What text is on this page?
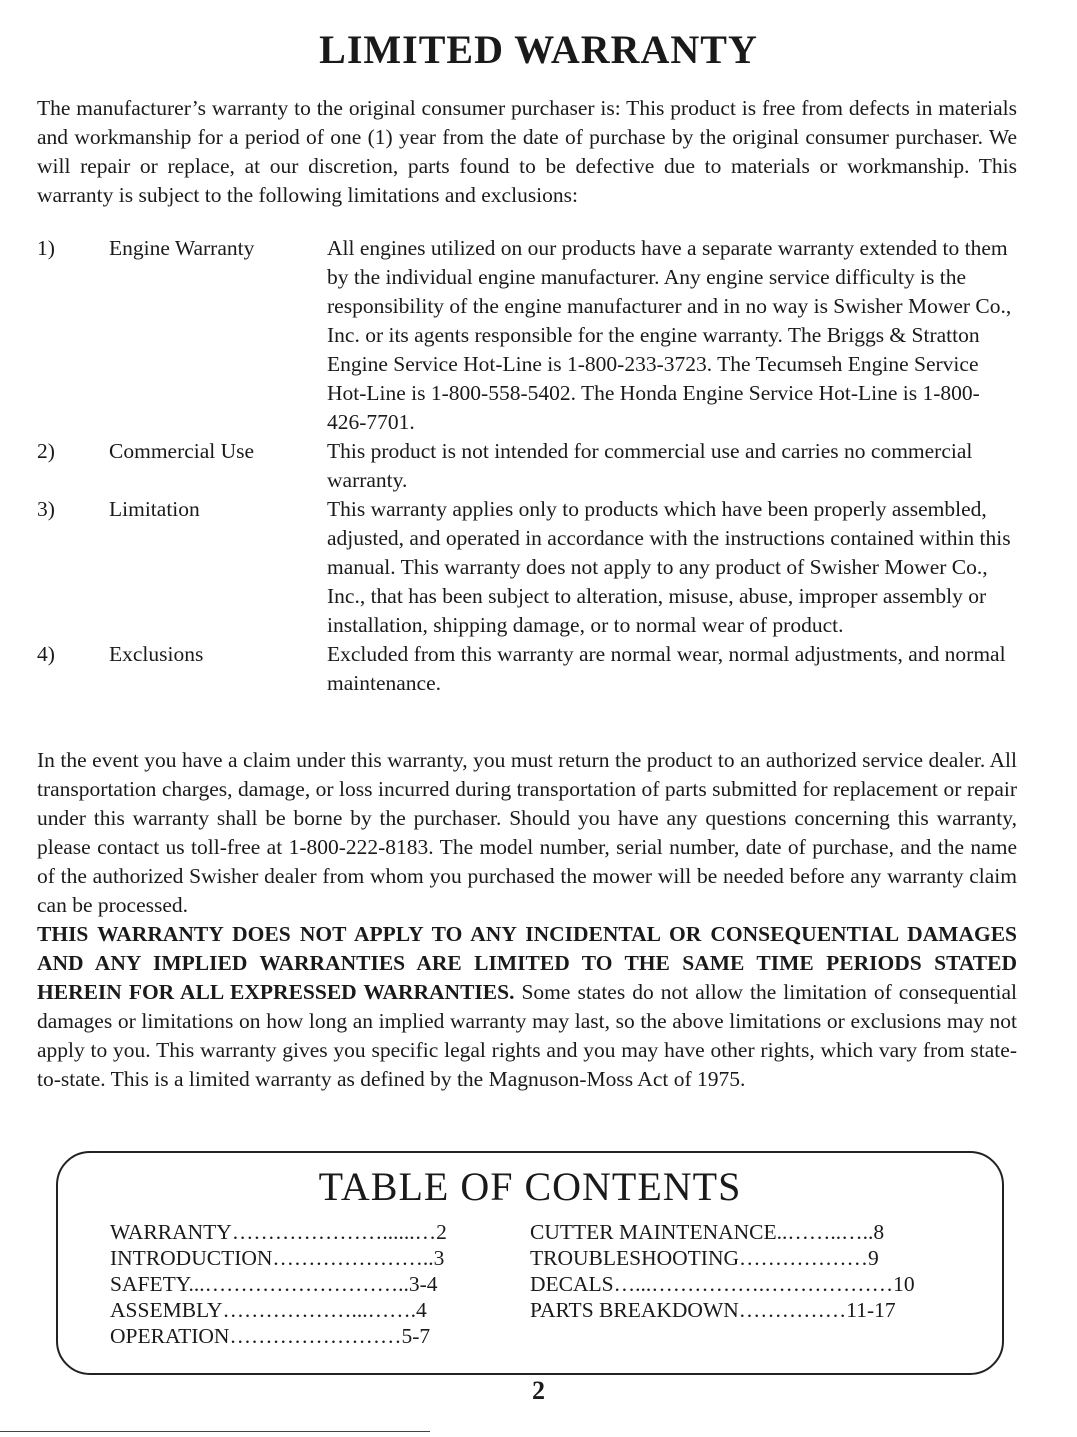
LIMITED WARRANTY

The manufacturer’s warranty to the original consumer purchaser is: This product is free from defects in materials and workmanship for a period of one (1) year from the date of purchase by the original consumer purchaser. We will repair or replace, at our discretion, parts found to be defective due to materials or workmanship. This warranty is subject to the following limitations and exclusions:

1)	Engine Warranty	All engines utilized on our products have a separate warranty extended to them by the individual engine manufacturer. Any engine service difficulty is the responsibility of the engine manufacturer and in no way is Swisher Mower Co., Inc. or its agents responsible for the engine warranty. The Briggs & Stratton Engine Service Hot-Line is 1-800-233-3723. The Tecumseh Engine Service Hot-Line is 1-800-558-5402. The Honda Engine Service Hot-Line is 1-800-426-7701.
2)	Commercial Use	This product is not intended for commercial use and carries no commercial warranty.
3)	Limitation	This warranty applies only to products which have been properly assembled, adjusted, and operated in accordance with the instructions contained within this manual. This warranty does not apply to any product of Swisher Mower Co., Inc., that has been subject to alteration, misuse, abuse, improper assembly or installation, shipping damage, or to normal wear of product.
4)	Exclusions	Excluded from this warranty are normal wear, normal adjustments, and normal maintenance.

In the event you have a claim under this warranty, you must return the product to an authorized service dealer. All transportation charges, damage, or loss incurred during transportation of parts submitted for replacement or repair under this warranty shall be borne by the purchaser. Should you have any questions concerning this warranty, please contact us toll-free at 1-800-222-8183. The model number, serial number, date of purchase, and the name of the authorized Swisher dealer from whom you purchased the mower will be needed before any warranty claim can be processed.
THIS WARRANTY DOES NOT APPLY TO ANY INCIDENTAL OR CONSEQUENTIAL DAMAGES AND ANY IMPLIED WARRANTIES ARE LIMITED TO THE SAME TIME PERIODS STATED HEREIN FOR ALL EXPRESSED WARRANTIES. Some states do not allow the limitation of consequential damages or limitations on how long an implied warranty may last, so the above limitations or exclusions may not apply to you. This warranty gives you specific legal rights and you may have other rights, which vary from state-to-state. This is a limited warranty as defined by the Magnuson-Moss Act of 1975.

TABLE OF CONTENTS
WARRANTY…………………......…2
INTRODUCTION…………………..3
SAFETY...………………………..3-4
ASSEMBLY………………...…….4
OPERATION……………………5-7
CUTTER MAINTENANCE..……..…..8
TROUBLESHOOTING………………9
DECALS…...…………….………………10
PARTS BREAKDOWN……………11-17
2
